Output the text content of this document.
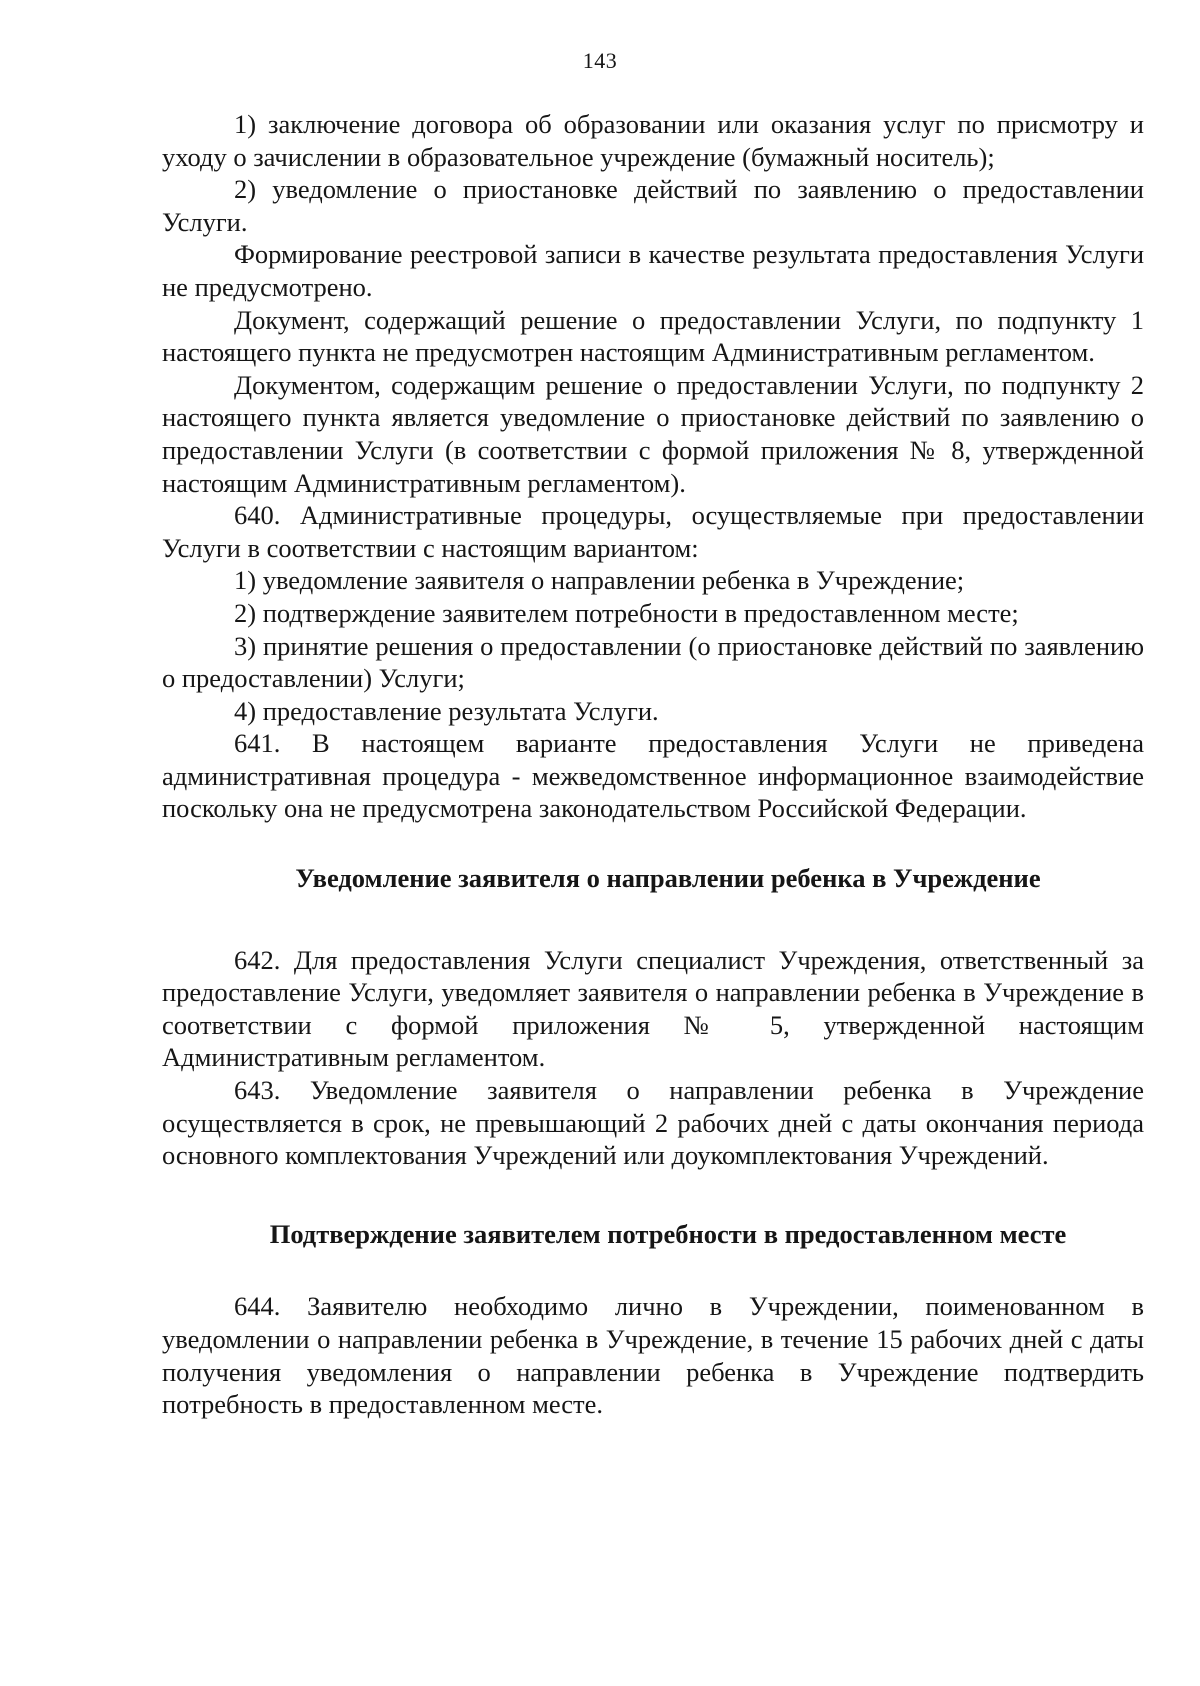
143

1) заключение договора об образовании или оказания услуг по присмотру и уходу о зачислении в образовательное учреждение (бумажный носитель);

2) уведомление о приостановке действий по заявлению о предоставлении Услуги.

Формирование реестровой записи в качестве результата предоставления Услуги не предусмотрено.

Документ, содержащий решение о предоставлении Услуги, по подпункту 1 настоящего пункта не предусмотрен настоящим Административным регламентом.

Документом, содержащим решение о предоставлении Услуги, по подпункту 2 настоящего пункта является уведомление о приостановке действий по заявлению о предоставлении Услуги (в соответствии с формой приложения № 8, утвержденной настоящим Административным регламентом).

640. Административные процедуры, осуществляемые при предоставлении Услуги в соответствии с настоящим вариантом:

1) уведомление заявителя о направлении ребенка в Учреждение;

2) подтверждение заявителем потребности в предоставленном месте;

3) принятие решения о предоставлении (о приостановке действий по заявлению о предоставлении) Услуги;

4) предоставление результата Услуги.

641. В настоящем варианте предоставления Услуги не приведена административная процедура - межведомственное информационное взаимодействие поскольку она не предусмотрена законодательством Российской Федерации.

Уведомление заявителя о направлении ребенка в Учреждение

642. Для предоставления Услуги специалист Учреждения, ответственный за предоставление Услуги, уведомляет заявителя о направлении ребенка в Учреждение в соответствии с формой приложения № 5, утвержденной настоящим Административным регламентом.

643. Уведомление заявителя о направлении ребенка в Учреждение осуществляется в срок, не превышающий 2 рабочих дней с даты окончания периода основного комплектования Учреждений или доукомплектования Учреждений.

Подтверждение заявителем потребности в предоставленном месте

644. Заявителю необходимо лично в Учреждении, поименованном в уведомлении о направлении ребенка в Учреждение, в течение 15 рабочих дней с даты получения уведомления о направлении ребенка в Учреждение подтвердить потребность в предоставленном месте.
